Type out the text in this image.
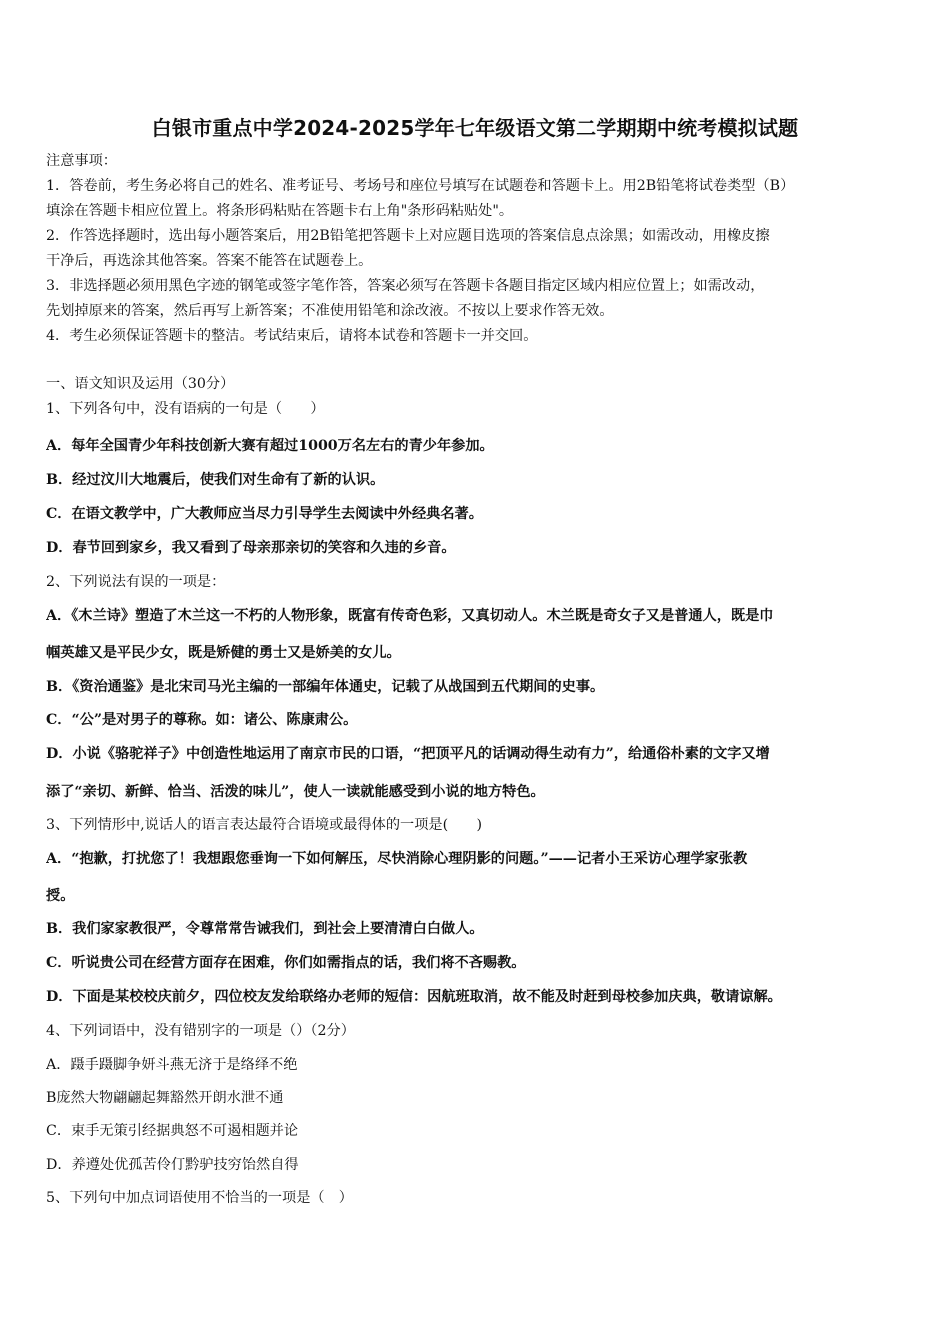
白银市重点中学2024-2025学年七年级语文第二学期期中统考模拟试题
注意事项：
1．答卷前，考生务必将自己的姓名、准考证号、考场号和座位号填写在试题卷和答题卡上。用2B铅笔将试卷类型（B）
填涂在答题卡相应位置上。将条形码粘贴在答题卡右上角"条形码粘贴处"。
2．作答选择题时，选出每小题答案后，用2B铅笔把答题卡上对应题目选项的答案信息点涂黑；如需改动，用橡皮擦
干净后，再选涂其他答案。答案不能答在试题卷上。
3．非选择题必须用黑色字迹的钢笔或签字笔作答，答案必须写在答题卡各题目指定区域内相应位置上；如需改动，
先划掉原来的答案，然后再写上新答案；不准使用铅笔和涂改液。不按以上要求作答无效。
4．考生必须保证答题卡的整洁。考试结束后，请将本试卷和答题卡一并交回。
一、语文知识及运用（30分）
1、下列各句中，没有语病的一句是（　　）
A．每年全国青少年科技创新大赛有超过1000万名左右的青少年参加。
B．经过汶川大地震后，使我们对生命有了新的认识。
C．在语文教学中，广大教师应当尽力引导学生去阅读中外经典名著。
D．春节回到家乡，我又看到了母亲那亲切的笑容和久违的乡音。
2、下列说法有误的一项是：
A．《木兰诗》塑造了木兰这一不朽的人物形象，既富有传奇色彩，又真切动人。木兰既是奇女子又是普通人，既是巾
帼英雄又是平民少女，既是矫健的勇士又是娇美的女儿。
B．《资治通鉴》是北宋司马光主编的一部编年体通史，记载了从战国到五代期间的史事。
C．“公”是对男子的尊称。如：诸公、陈康肃公。
D．小说《骆驼祥子》中创造性地运用了南京市民的口语，“把顶平凡的话调动得生动有力”，给通俗朴素的文字又增
添了“亲切、新鲜、恰当、活泼的味儿”，使人一读就能感受到小说的地方特色。
3、下列情形中,说话人的语言表达最符合语境或最得体的一项是(　　)
A．“抱歉，打扰您了！我想跟您垂询一下如何解压，尽快消除心理阴影的问题。”——记者小王采访心理学家张教
授。
B．我们家家教很严，令尊常常告诫我们，到社会上要清清白白做人。
C．听说贵公司在经营方面存在困难，你们如需指点的话，我们将不吝赐教。
D．下面是某校校庆前夕，四位校友发给联络办老师的短信：因航班取消，故不能及时赶到母校参加庆典，敬请谅解。
4、下列词语中，没有错别字的一项是（）（2分）
A．蹑手蹑脚争妍斗燕无济于是络绎不绝
B庞然大物翩翩起舞豁然开朗水泄不通
C．束手无策引经据典怒不可遏相题并论
D．养遵处优孤苦伶仃黔驴技穷饴然自得
5、下列句中加点词语使用不恰当的一项是（　）
